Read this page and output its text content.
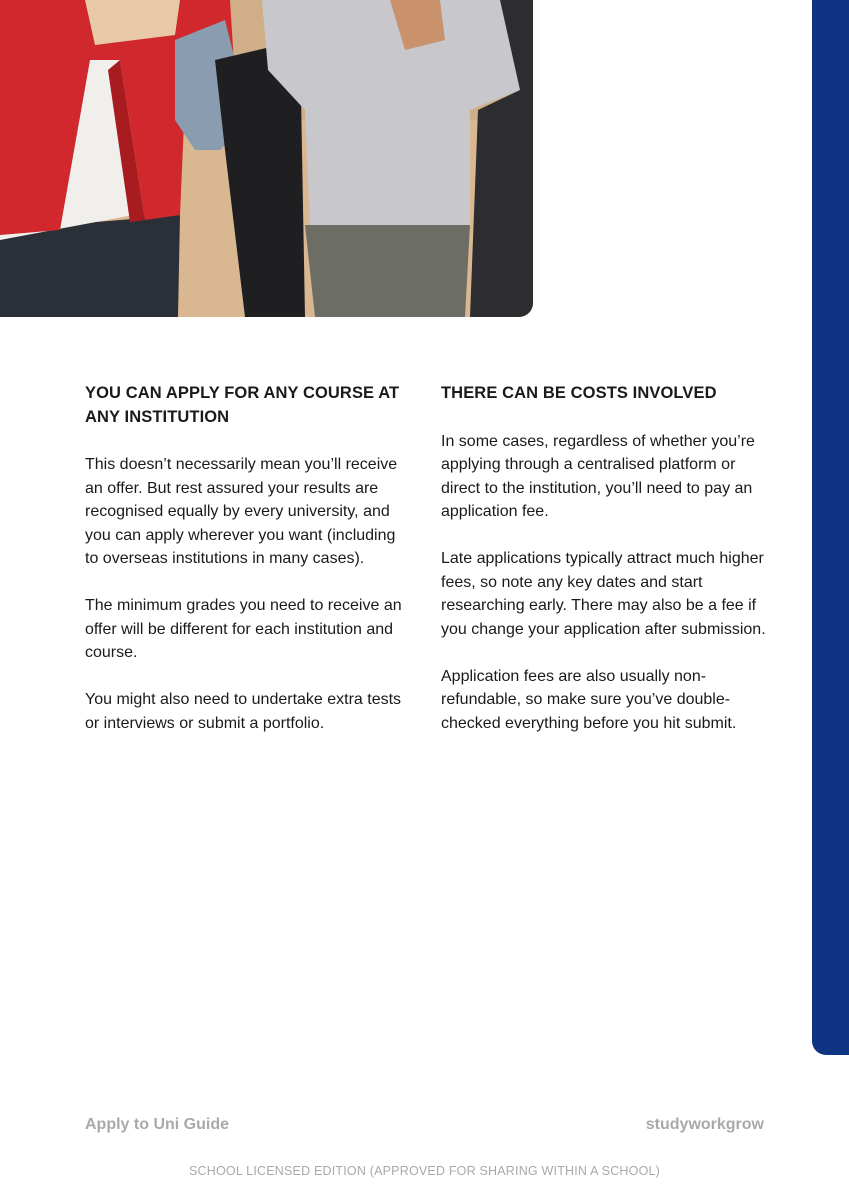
YOU CAN APPLY FOR ANY COURSE AT ANY INSTITUTION

This doesn’t necessarily mean you’ll receive an offer. But rest assured your results are recognised equally by every university, and you can apply wherever you want (including to overseas institutions in many cases).

The minimum grades you need to receive an offer will be different for each institution and course.

You might also need to undertake extra tests or interviews or submit a portfolio.

THERE CAN BE COSTS INVOLVED

In some cases, regardless of whether you’re applying through a centralised platform or direct to the institution, you’ll need to pay an application fee.

Late applications typically attract much higher fees, so note any key dates and start researching early. There may also be a fee if you change your application after submission.

Application fees are also usually non-refundable, so make sure you’ve double-checked everything before you hit submit.

Apply to Uni Guide	studyworkgrow
SCHOOL LICENSED EDITION (APPROVED FOR SHARING WITHIN A SCHOOL)
